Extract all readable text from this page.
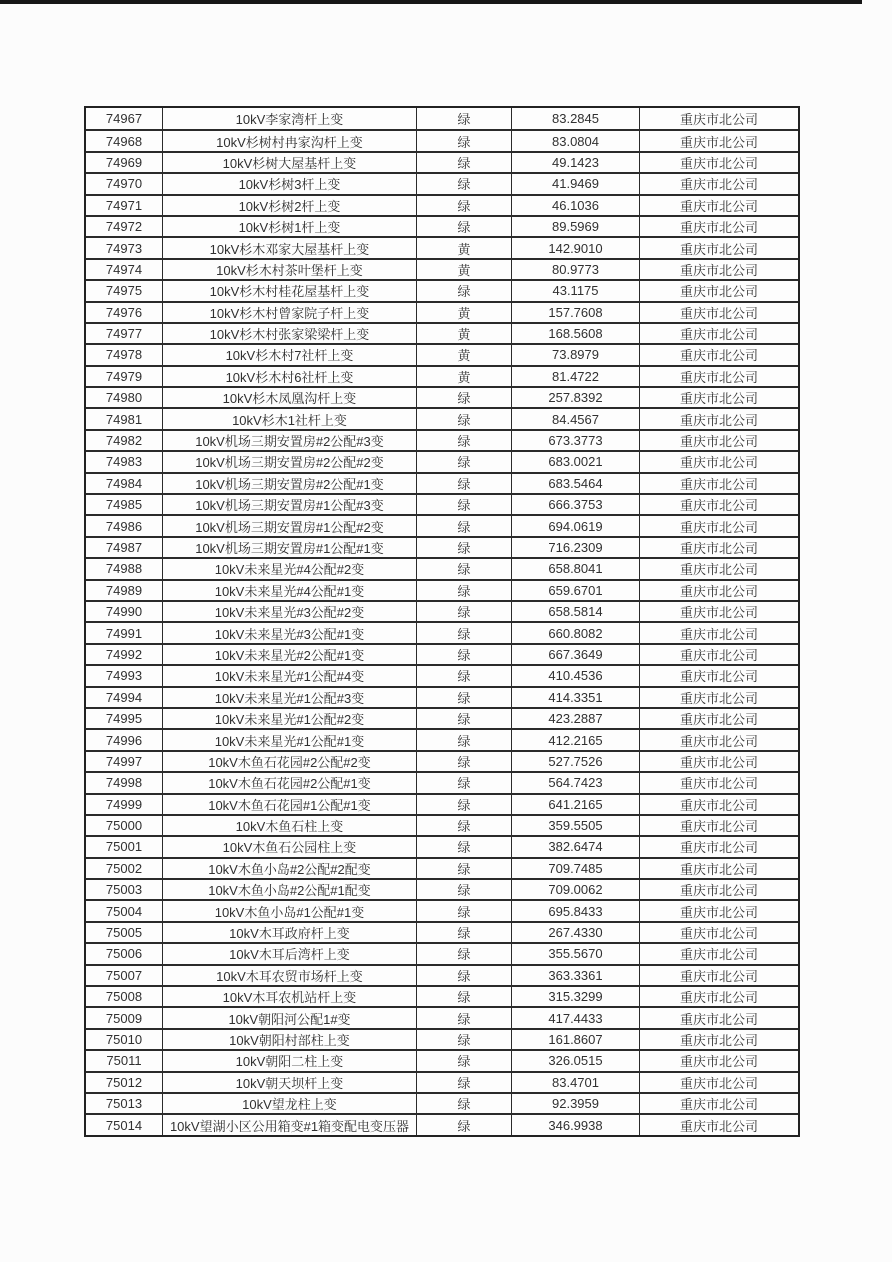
74967	10kV李家湾杆上变	绿	83.2845	重庆市北公司
74968	10kV杉树村冉家沟杆上变	绿	83.0804	重庆市北公司
74969	10kV杉树大屋基杆上变	绿	49.1423	重庆市北公司
74970	10kV杉树3杆上变	绿	41.9469	重庆市北公司
74971	10kV杉树2杆上变	绿	46.1036	重庆市北公司
74972	10kV杉树1杆上变	绿	89.5969	重庆市北公司
74973	10kV杉木邓家大屋基杆上变	黄	142.9010	重庆市北公司
74974	10kV杉木村茶叶堡杆上变	黄	80.9773	重庆市北公司
74975	10kV杉木村桂花屋基杆上变	绿	43.1175	重庆市北公司
74976	10kV杉木村曾家院子杆上变	黄	157.7608	重庆市北公司
74977	10kV杉木村张家梁梁杆上变	黄	168.5608	重庆市北公司
74978	10kV杉木村7社杆上变	黄	73.8979	重庆市北公司
74979	10kV杉木村6社杆上变	黄	81.4722	重庆市北公司
74980	10kV杉木凤凰沟杆上变	绿	257.8392	重庆市北公司
74981	10kV杉木1社杆上变	绿	84.4567	重庆市北公司
74982	10kV机场三期安置房#2公配#3变	绿	673.3773	重庆市北公司
74983	10kV机场三期安置房#2公配#2变	绿	683.0021	重庆市北公司
74984	10kV机场三期安置房#2公配#1变	绿	683.5464	重庆市北公司
74985	10kV机场三期安置房#1公配#3变	绿	666.3753	重庆市北公司
74986	10kV机场三期安置房#1公配#2变	绿	694.0619	重庆市北公司
74987	10kV机场三期安置房#1公配#1变	绿	716.2309	重庆市北公司
74988	10kV未来星光#4公配#2变	绿	658.8041	重庆市北公司
74989	10kV未来星光#4公配#1变	绿	659.6701	重庆市北公司
74990	10kV未来星光#3公配#2变	绿	658.5814	重庆市北公司
74991	10kV未来星光#3公配#1变	绿	660.8082	重庆市北公司
74992	10kV未来星光#2公配#1变	绿	667.3649	重庆市北公司
74993	10kV未来星光#1公配#4变	绿	410.4536	重庆市北公司
74994	10kV未来星光#1公配#3变	绿	414.3351	重庆市北公司
74995	10kV未来星光#1公配#2变	绿	423.2887	重庆市北公司
74996	10kV未来星光#1公配#1变	绿	412.2165	重庆市北公司
74997	10kV木鱼石花园#2公配#2变	绿	527.7526	重庆市北公司
74998	10kV木鱼石花园#2公配#1变	绿	564.7423	重庆市北公司
74999	10kV木鱼石花园#1公配#1变	绿	641.2165	重庆市北公司
75000	10kV木鱼石柱上变	绿	359.5505	重庆市北公司
75001	10kV木鱼石公园柱上变	绿	382.6474	重庆市北公司
75002	10kV木鱼小岛#2公配#2配变	绿	709.7485	重庆市北公司
75003	10kV木鱼小岛#2公配#1配变	绿	709.0062	重庆市北公司
75004	10kV木鱼小岛#1公配#1变	绿	695.8433	重庆市北公司
75005	10kV木耳政府杆上变	绿	267.4330	重庆市北公司
75006	10kV木耳后湾杆上变	绿	355.5670	重庆市北公司
75007	10kV木耳农贸市场杆上变	绿	363.3361	重庆市北公司
75008	10kV木耳农机站杆上变	绿	315.3299	重庆市北公司
75009	10kV朝阳河公配1#变	绿	417.4433	重庆市北公司
75010	10kV朝阳村部柱上变	绿	161.8607	重庆市北公司
75011	10kV朝阳二柱上变	绿	326.0515	重庆市北公司
75012	10kV朝天坝杆上变	绿	83.4701	重庆市北公司
75013	10kV望龙柱上变	绿	92.3959	重庆市北公司
75014	10kV望湖小区公用箱变#1箱变配电变压器	绿	346.9938	重庆市北公司
